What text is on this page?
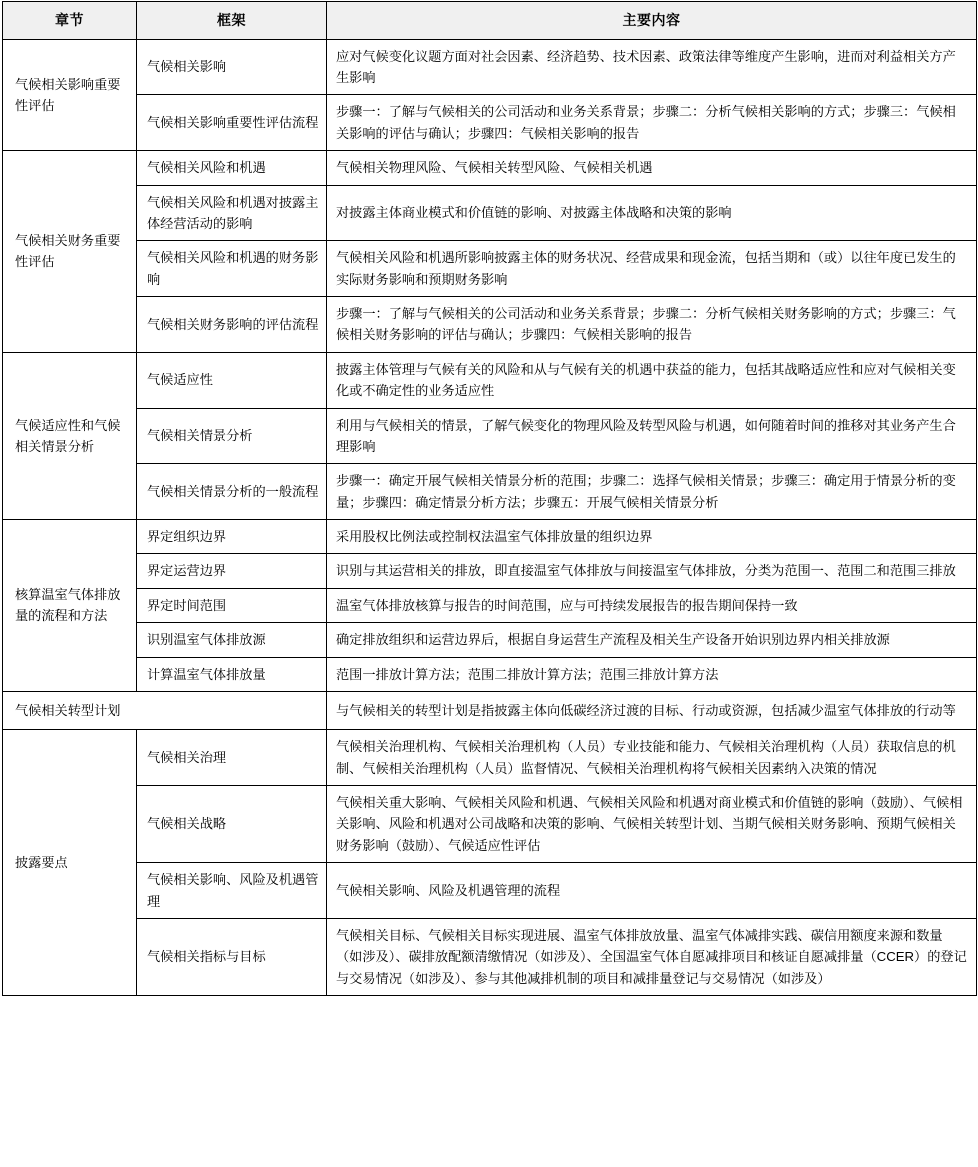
章节	框架	主要内容
气候相关影响重要性评估	气候相关影响	应对气候变化议题方面对社会因素、经济趋势、技术因素、政策法律等维度产生影响，进而对利益相关方产生影响
	气候相关影响重要性评估流程	步骤一：了解与气候相关的公司活动和业务关系背景；步骤二：分析气候相关影响的方式；步骤三：气候相关影响的评估与确认；步骤四：气候相关影响的报告
气候相关财务重要性评估	气候相关风险和机遇	气候相关物理风险、气候相关转型风险、气候相关机遇
	气候相关风险和机遇对披露主体经营活动的影响	对披露主体商业模式和价值链的影响、对披露主体战略和决策的影响
	气候相关风险和机遇的财务影响	气候相关风险和机遇所影响披露主体的财务状况、经营成果和现金流，包括当期和（或）以往年度已发生的实际财务影响和预期财务影响
	气候相关财务影响的评估流程	步骤一：了解与气候相关的公司活动和业务关系背景；步骤二：分析气候相关财务影响的方式；步骤三：气候相关财务影响的评估与确认；步骤四：气候相关影响的报告
气候适应性和气候相关情景分析	气候适应性	披露主体管理与气候有关的风险和从与气候有关的机遇中获益的能力，包括其战略适应性和应对气候相关变化或不确定性的业务适应性
	气候相关情景分析	利用与气候相关的情景，了解气候变化的物理风险及转型风险与机遇，如何随着时间的推移对其业务产生合理影响
	气候相关情景分析的一般流程	步骤一：确定开展气候相关情景分析的范围；步骤二：选择气候相关情景；步骤三：确定用于情景分析的变量；步骤四：确定情景分析方法；步骤五：开展气候相关情景分析
核算温室气体排放量的流程和方法	界定组织边界	采用股权比例法或控制权法温室气体排放量的组织边界
	界定运营边界	识别与其运营相关的排放，即直接温室气体排放与间接温室气体排放，分类为范围一、范围二和范围三排放
	界定时间范围	温室气体排放核算与报告的时间范围，应与可持续发展报告的报告期间保持一致
	识别温室气体排放源	确定排放组织和运营边界后，根据自身运营生产流程及相关生产设备开始识别边界内相关排放源
	计算温室气体排放量	范围一排放计算方法；范围二排放计算方法；范围三排放计算方法
气候相关转型计划		与气候相关的转型计划是指披露主体向低碳经济过渡的目标、行动或资源，包括减少温室气体排放的行动等
披露要点	气候相关治理	气候相关治理机构、气候相关治理机构（人员）专业技能和能力、气候相关治理机构（人员）获取信息的机制、气候相关治理机构（人员）监督情况、气候相关治理机构将气候相关因素纳入决策的情况
	气候相关战略	气候相关重大影响、气候相关风险和机遇、气候相关风险和机遇对商业模式和价值链的影响（鼓励）、气候相关影响、风险和机遇对公司战略和决策的影响、气候相关转型计划、当期气候相关财务影响、预期气候相关财务影响（鼓励）、气候适应性评估
	气候相关影响、风险及机遇管理	气候相关影响、风险及机遇管理的流程
	气候相关指标与目标	气候相关目标、气候相关目标实现进展、温室气体排放放量、温室气体减排实践、碳信用额度来源和数量（如涉及）、碳排放配额清缴情况（如涉及）、全国温室气体自愿减排项目和核证自愿减排量（CCER）的登记与交易情况（如涉及）、参与其他减排机制的项目和减排量登记与交易情况（如涉及）
